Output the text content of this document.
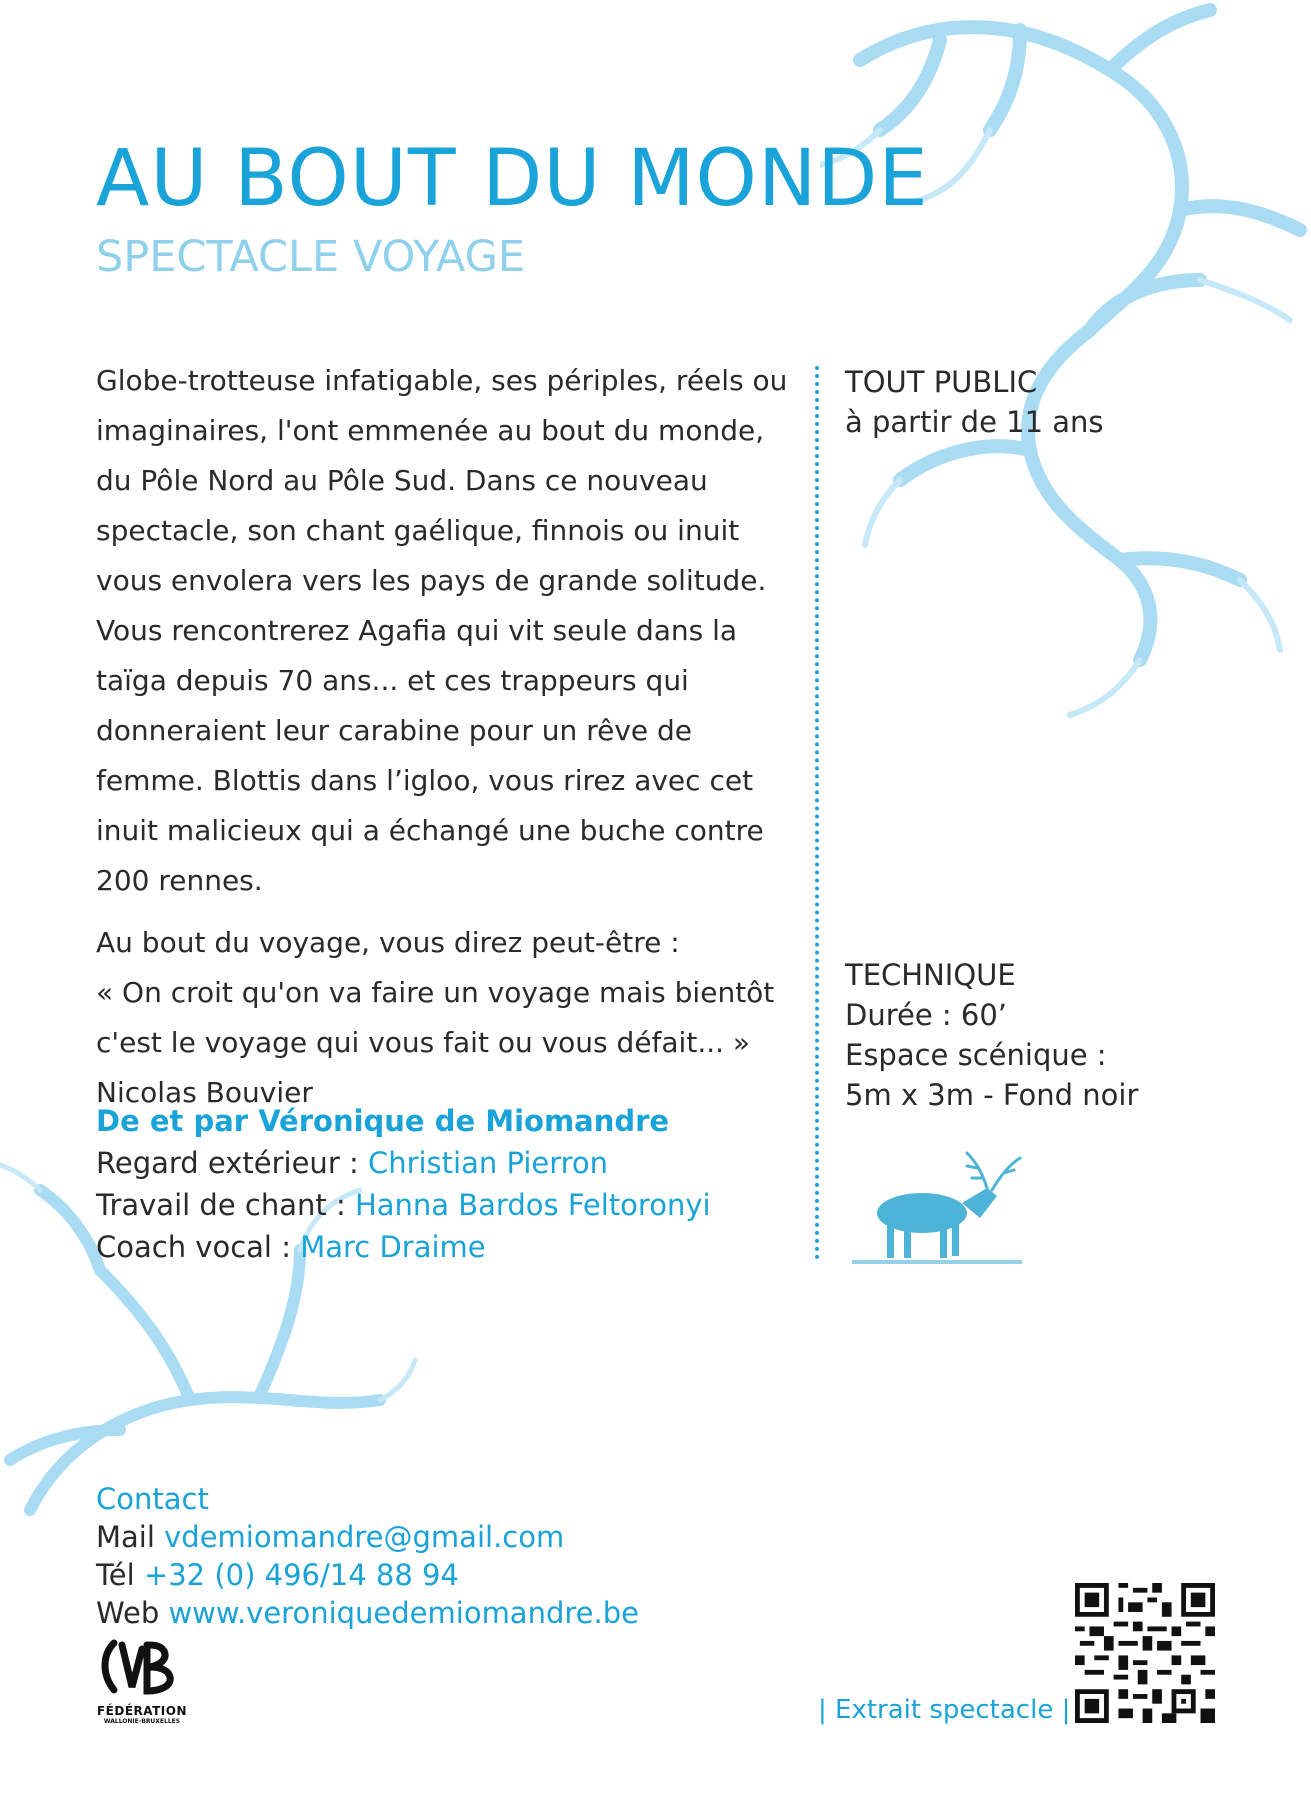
AU BOUT DU MONDE
SPECTACLE VOYAGE

Globe-trotteuse infatigable, ses périples, réels ou imaginaires, l'ont emmenée au bout du monde, du Pôle Nord au Pôle Sud. Dans ce nouveau spectacle, son chant gaélique, finnois ou inuit vous envolera vers les pays de grande solitude. Vous rencontrerez Agafia qui vit seule dans la taïga depuis 70 ans... et ces trappeurs qui donneraient leur carabine pour un rêve de femme. Blottis dans l’igloo, vous rirez avec cet inuit malicieux qui a échangé une buche contre 200 rennes.

Au bout du voyage, vous direz peut-être :

« On croit qu'on va faire un voyage mais bientôt c'est le voyage qui vous fait ou vous défait... »

Nicolas Bouvier

De et par Véronique de Miomandre
Regard extérieur : Christian Pierron
Travail de chant : Hanna Bardos Feltoronyi
Coach vocal : Marc Draime
TOUT PUBLIC
à partir de 11 ans
TECHNIQUE
Durée : 60’
Espace scénique :
5m x 3m - Fond noir
Contact
Mail vdemiomandre@gmail.com
Tél +32 (0) 496/14 88 94
Web www.veroniquedemiomandre.be
FÉDÉRATION
WALLONIE-BRUXELLES	| Extrait spectacle |
